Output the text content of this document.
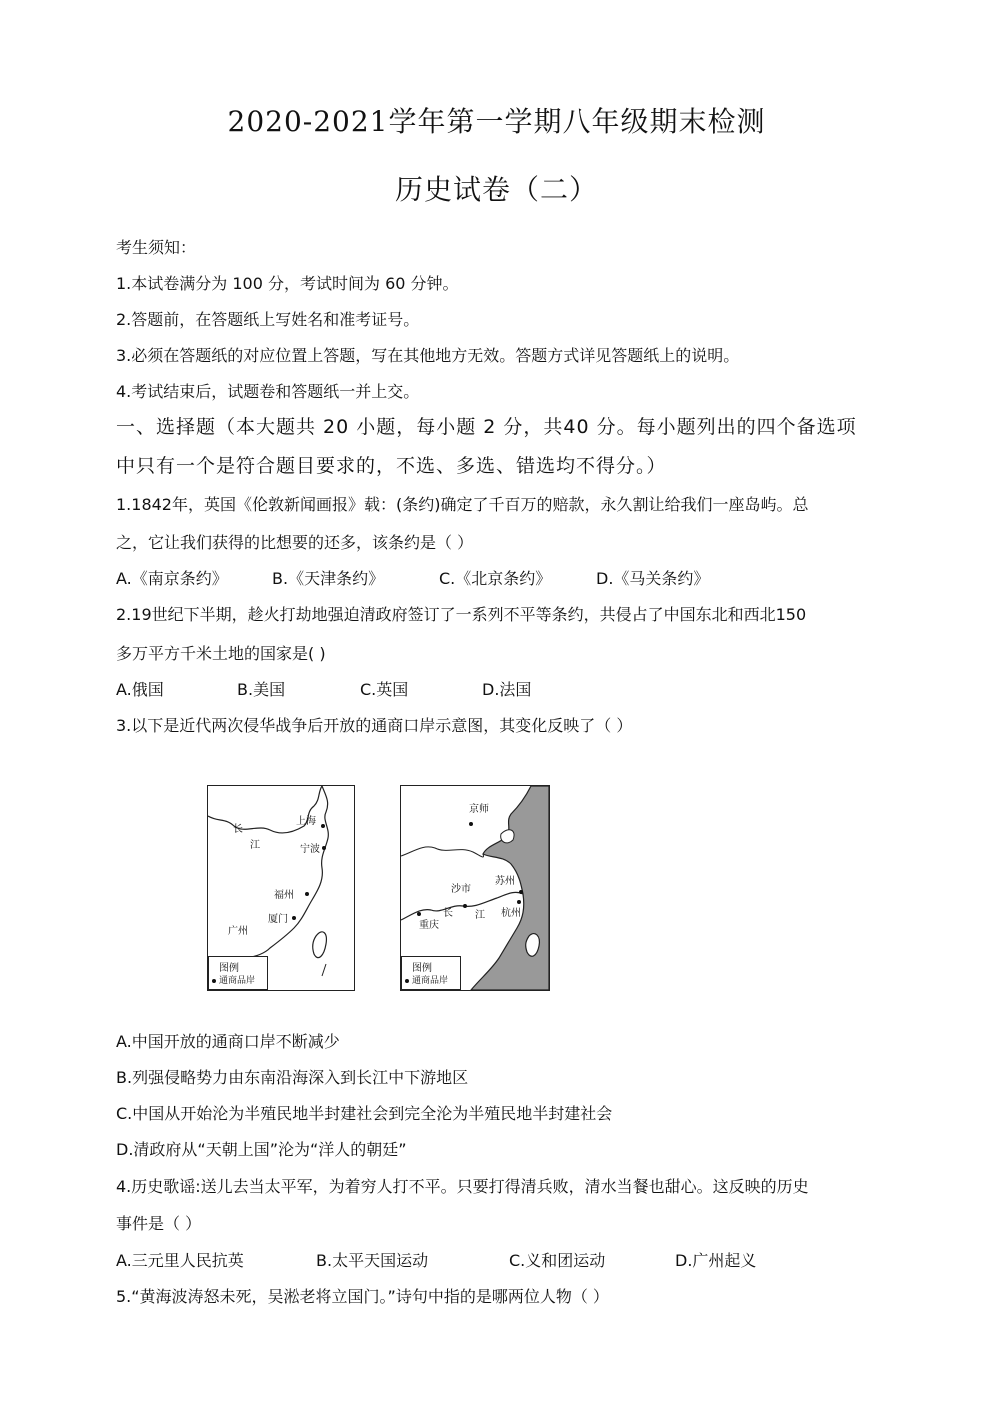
2020-2021学年第一学期八年级期末检测
历史试卷（二）
考生须知：
1.本试卷满分为 100 分，考试时间为 60 分钟。
2.答题前，在答题纸上写姓名和准考证号。
3.必须在答题纸的对应位置上答题，写在其他地方无效。答题方式详见答题纸上的说明。
4.考试结束后，试题卷和答题纸一并上交。
一、选择题（本大题共 20 小题，每小题 2 分，共40 分。每小题列出的四个备选项
中只有一个是符合题目要求的，不选、多选、错选均不得分。）
1.1842年，英国《伦敦新闻画报》载：(条约)确定了千百万的赔款，永久割让给我们一座岛屿。总
之，它让我们获得的比想要的还多，该条约是（ ）
A.《南京条约》	B.《天津条约》	C.《北京条约》	D.《马关条约》
2.19世纪下半期，趁火打劫地强迫清政府签订了一系列不平等条约，共侵占了中国东北和西北150
多万平方千米土地的国家是( )
A.俄国	B.美国	C.英国	D.法国
3.以下是近代两次侵华战争后开放的通商口岸示意图，其变化反映了（ ）
上海
长
江	宁波
福州
厦门
广州
图例
通商品岸
京师
苏州
沙市
长 江 杭州
重庆
图例
通商品岸
A.中国开放的通商口岸不断减少
B.列强侵略势力由东南沿海深入到长江中下游地区
C.中国从开始沦为半殖民地半封建社会到完全沦为半殖民地半封建社会
D.清政府从“天朝上国”沦为“洋人的朝廷”
4.历史歌谣:送儿去当太平军，为着穷人打不平。只要打得清兵败，清水当餐也甜心。这反映的历史
事件是（ ）
A.三元里人民抗英	B.太平天国运动	C.义和团运动	D.广州起义
5.“黄海波涛怒未死，吴淞老将立国门。”诗句中指的是哪两位人物（ ）
